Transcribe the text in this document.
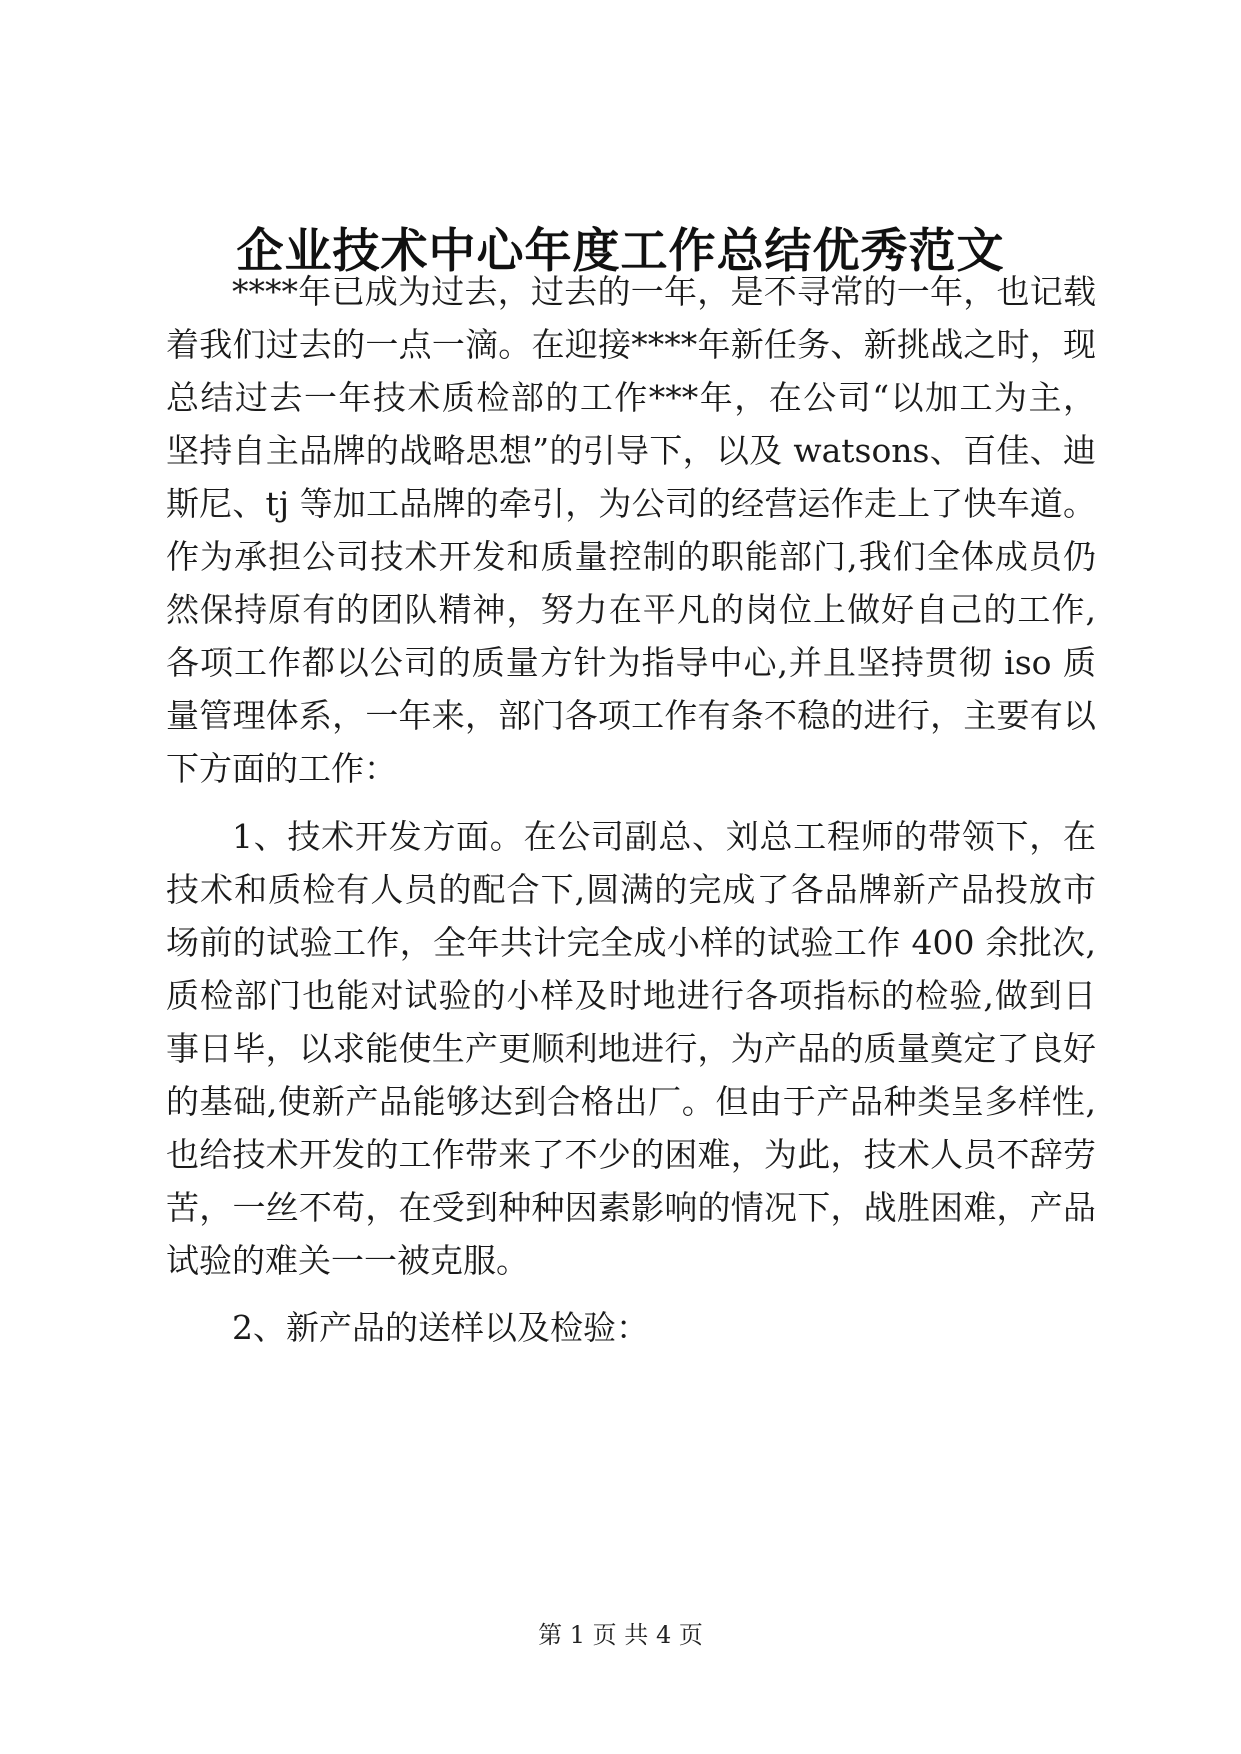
企业技术中心年度工作总结优秀范文
****年已成为过去，过去的一年，是不寻常的一年，也记载
着我们过去的一点一滴。在迎接****年新任务、新挑战之时，现
总结过去一年技术质检部的工作***年，在公司“以加工为主，
坚持自主品牌的战略思想”的引导下，以及 watsons、百佳、迪
斯尼、tj 等加工品牌的牵引，为公司的经营运作走上了快车道。
作为承担公司技术开发和质量控制的职能部门,我们全体成员仍
然保持原有的团队精神，努力在平凡的岗位上做好自己的工作,
各项工作都以公司的质量方针为指导中心,并且坚持贯彻 iso 质
量管理体系，一年来，部门各项工作有条不稳的进行，主要有以
下方面的工作：
1、技术开发方面。在公司副总、刘总工程师的带领下，在
技术和质检有人员的配合下,圆满的完成了各品牌新产品投放市
场前的试验工作，全年共计完全成小样的试验工作 400 余批次,
质检部门也能对试验的小样及时地进行各项指标的检验,做到日
事日毕，以求能使生产更顺利地进行，为产品的质量奠定了良好
的基础,使新产品能够达到合格出厂。但由于产品种类呈多样性,
也给技术开发的工作带来了不少的困难，为此，技术人员不辞劳
苦，一丝不苟，在受到种种因素影响的情况下，战胜困难，产品
试验的难关一一被克服。
2、新产品的送样以及检验：
第 1 页 共 4 页
